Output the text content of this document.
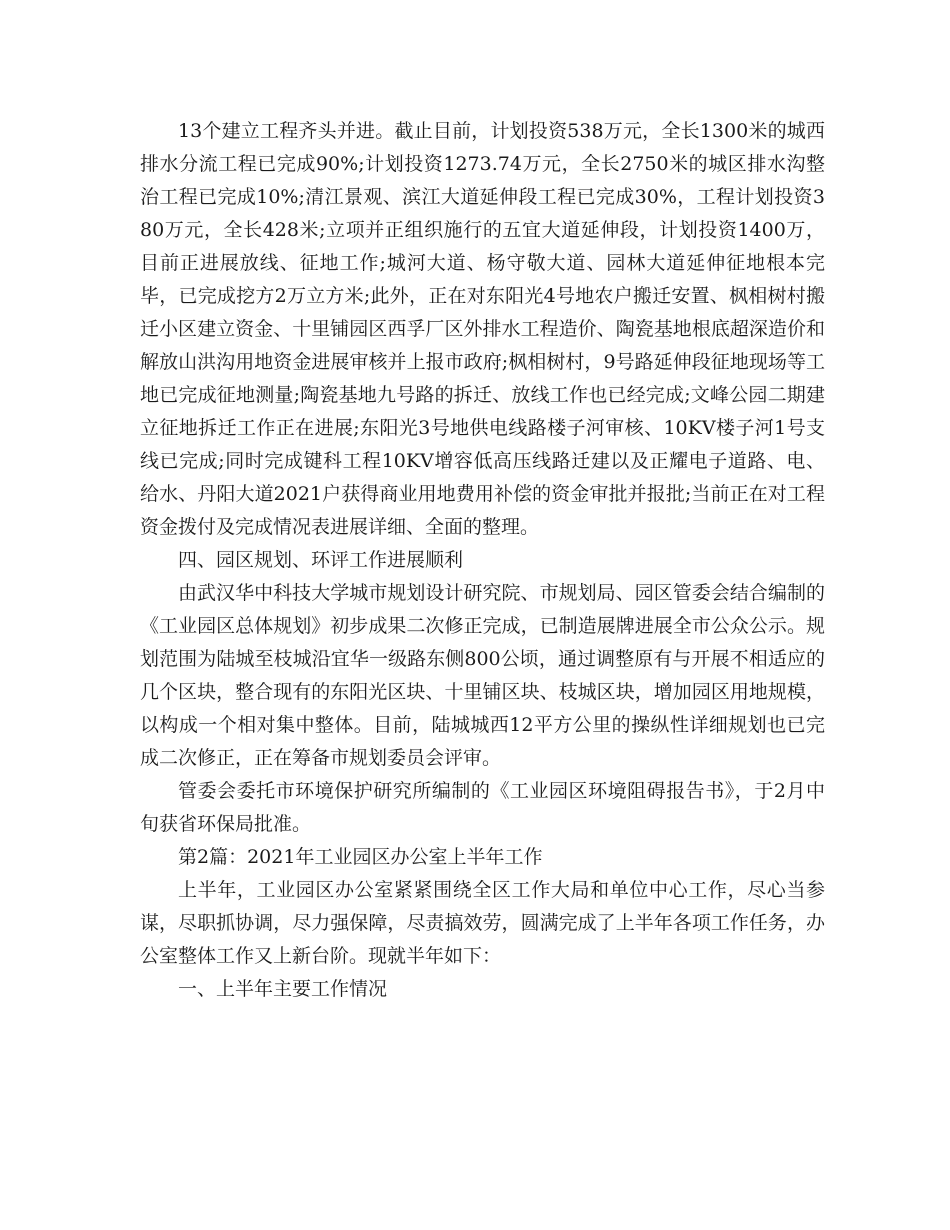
13个建立工程齐头并进。截止目前，计划投资538万元，全长1300米的城西排水分流工程已完成90%;计划投资1273.74万元，全长2750米的城区排水沟整治工程已完成10%;清江景观、滨江大道延伸段工程已完成30%，工程计划投资380万元，全长428米;立项并正组织施行的五宜大道延伸段，计划投资1400万，目前正进展放线、征地工作;城河大道、杨守敬大道、园林大道延伸征地根本完毕，已完成挖方2万立方米;此外，正在对东阳光4号地农户搬迁安置、枫相树村搬迁小区建立资金、十里铺园区西孚厂区外排水工程造价、陶瓷基地根底超深造价和解放山洪沟用地资金进展审核并上报市政府;枫相树村，9号路延伸段征地现场等工地已完成征地测量;陶瓷基地九号路的拆迁、放线工作也已经完成;文峰公园二期建立征地拆迁工作正在进展;东阳光3号地供电线路楼子河审核、10KV楼子河1号支线已完成;同时完成键科工程10KV增容低高压线路迁建以及正耀电子道路、电、给水、丹阳大道2021户获得商业用地费用补偿的资金审批并报批;当前正在对工程资金拨付及完成情况表进展详细、全面的整理。

四、园区规划、环评工作进展顺利

由武汉华中科技大学城市规划设计研究院、市规划局、园区管委会结合编制的《工业园区总体规划》初步成果二次修正完成，已制造展牌进展全市公众公示。规划范围为陆城至枝城沿宜华一级路东侧800公顷，通过调整原有与开展不相适应的几个区块，整合现有的东阳光区块、十里铺区块、枝城区块，增加园区用地规模，以构成一个相对集中整体。目前，陆城城西12平方公里的操纵性详细规划也已完成二次修正，正在筹备市规划委员会评审。

管委会委托市环境保护研究所编制的《工业园区环境阻碍报告书》，于2月中旬获省环保局批准。

第2篇：2021年工业园区办公室上半年工作

上半年，工业园区办公室紧紧围绕全区工作大局和单位中心工作，尽心当参谋，尽职抓协调，尽力强保障，尽责搞效劳，圆满完成了上半年各项工作任务，办公室整体工作又上新台阶。现就半年如下：

一、上半年主要工作情况
